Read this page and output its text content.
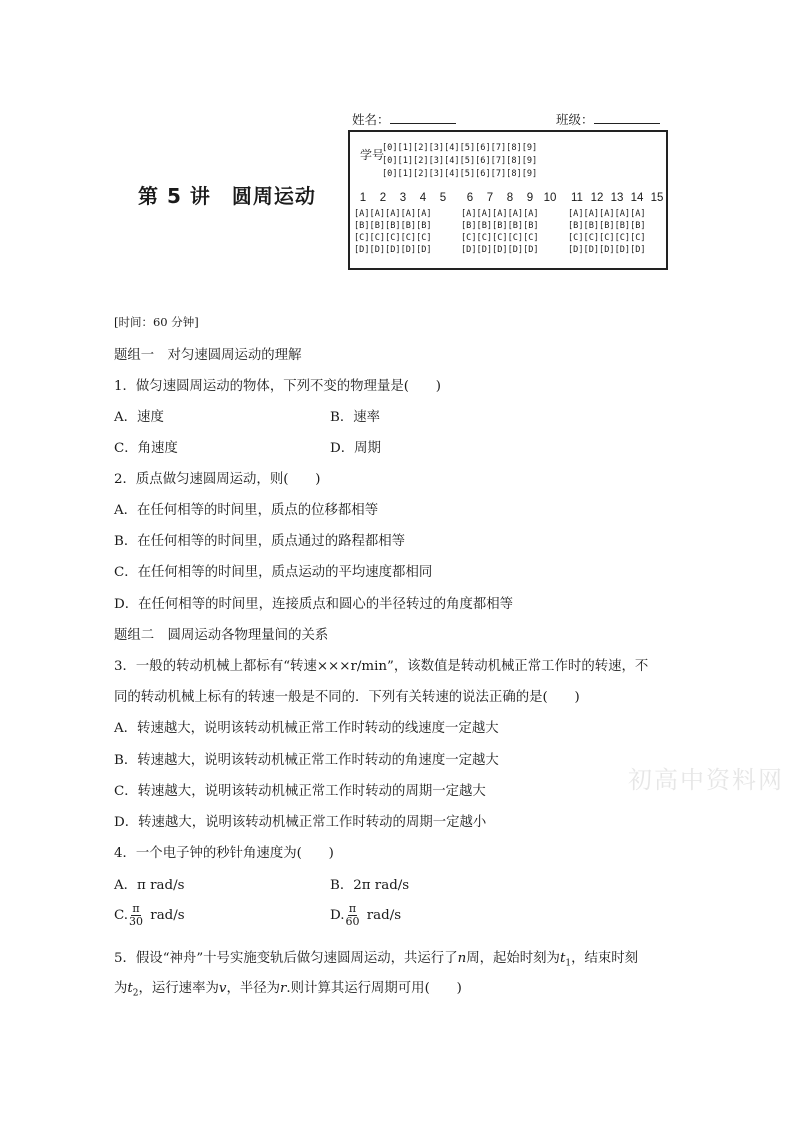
姓名：	班级：
第 5 讲　圆周运动
学号
[0][1][2][3][4][5][6][7][8][9]
[0][1][2][3][4][5][6][7][8][9]
[0][1][2][3][4][5][6][7][8][9]
1	2	3	4	5	6	7	8	9 10	11 12 13 14 15
[A][A][A][A][A]
[B][B][B][B][B]
[C][C][C][C][C]
[D][D][D][D][D]
[A][A][A][A][A]
[B][B][B][B][B]
[C][C][C][C][C]
[D][D][D][D][D]
[A][A][A][A][A]
[B][B][B][B][B]
[C][C][C][C][C]
[D][D][D][D][D]
[时间：60 分钟]
题组一　对匀速圆周运动的理解
1．做匀速圆周运动的物体，下列不变的物理量是(　　)
A．速度	B．速率
C．角速度	D．周期
2．质点做匀速圆周运动，则(　　)
A．在任何相等的时间里，质点的位移都相等
B．在任何相等的时间里，质点通过的路程都相等
C．在任何相等的时间里，质点运动的平均速度都相同
D．在任何相等的时间里，连接质点和圆心的半径转过的角度都相等
题组二　圆周运动各物理量间的关系
3．一般的转动机械上都标有“转速×××r/min”，该数值是转动机械正常工作时的转速，不
同的转动机械上标有的转速一般是不同的．下列有关转速的说法正确的是(　　)
A．转速越大，说明该转动机械正常工作时转动的线速度一定越大
B．转速越大，说明该转动机械正常工作时转动的角速度一定越大
C．转速越大，说明该转动机械正常工作时转动的周期一定越大
D．转速越大，说明该转动机械正常工作时转动的周期一定越小
4．一个电子钟的秒针角速度为(　　)
A．π rad/s	B．2π rad/s
C. $\frac{\pi}{30} rad/s$	D. $\frac{\pi}{60} rad/s$
5．假设“神舟”十号实施变轨后做匀速圆周运动，共运行了n周，起始时刻为$t_1$，结束时刻
为$t_2$，运行速率为v，半径为r.则计算其运行周期可用(　　)
初高中资料网
